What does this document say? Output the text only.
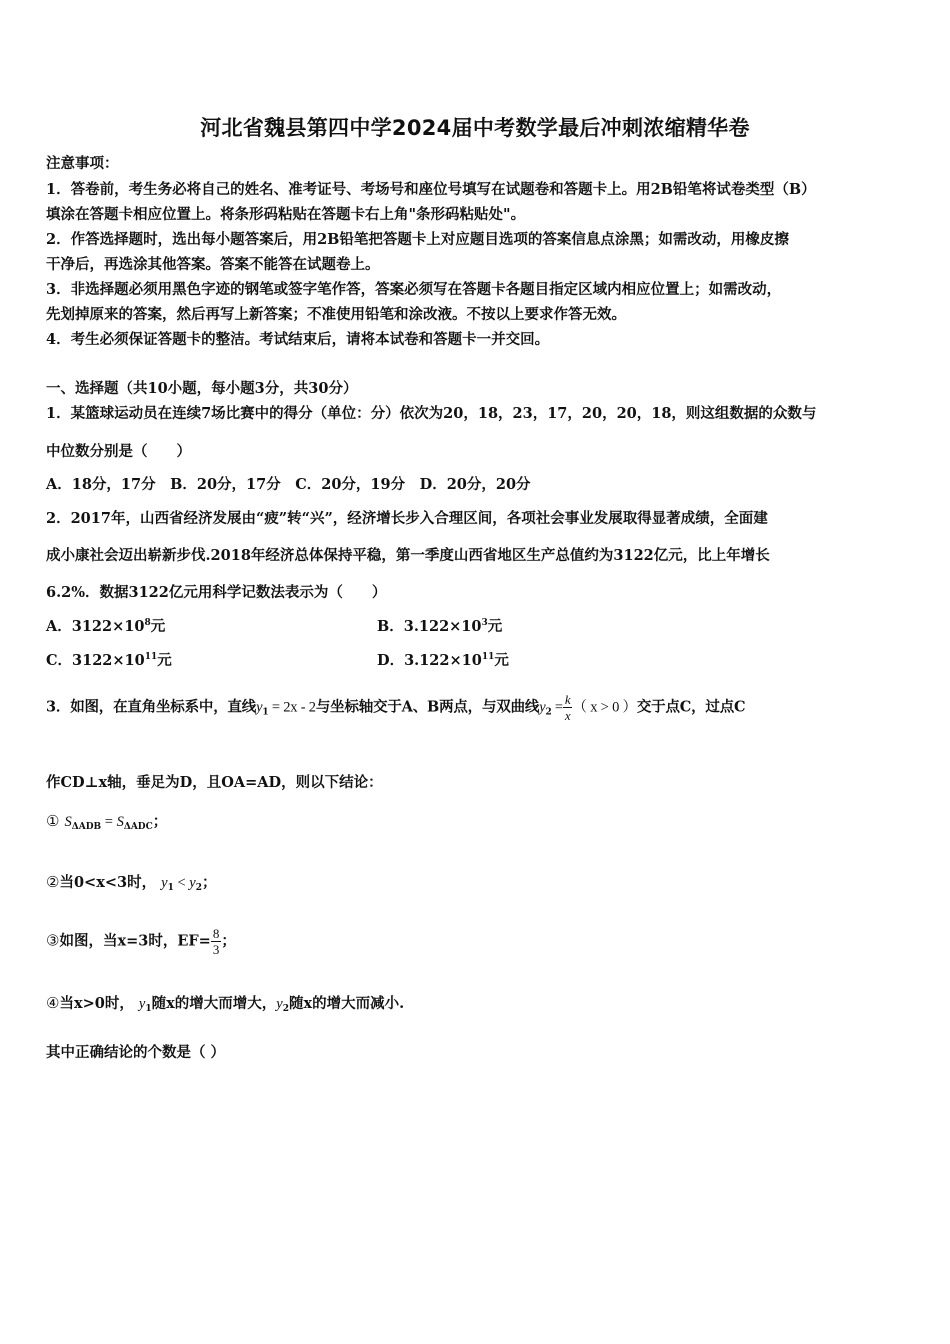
河北省魏县第四中学2024届中考数学最后冲刺浓缩精华卷
注意事项：
1．答卷前，考生务必将自己的姓名、准考证号、考场号和座位号填写在试题卷和答题卡上。用2B铅笔将试卷类型（B）
填涂在答题卡相应位置上。将条形码粘贴在答题卡右上角"条形码粘贴处"。
2．作答选择题时，选出每小题答案后，用2B铅笔把答题卡上对应题目选项的答案信息点涂黑；如需改动，用橡皮擦
干净后，再选涂其他答案。答案不能答在试题卷上。
3．非选择题必须用黑色字迹的钢笔或签字笔作答，答案必须写在答题卡各题目指定区域内相应位置上；如需改动，
先划掉原来的答案，然后再写上新答案；不准使用铅笔和涂改液。不按以上要求作答无效。
4．考生必须保证答题卡的整洁。考试结束后，请将本试卷和答题卡一并交回。
一、选择题（共10小题，每小题3分，共30分）
1．某篮球运动员在连续7场比赛中的得分（单位：分）依次为20，18，23，17，20，20，18，则这组数据的众数与
中位数分别是（　　）
A．18分，17分　B．20分，17分　C．20分，19分　D．20分，20分
2．2017年，山西省经济发展由“疲”转“兴”，经济增长步入合理区间，各项社会事业发展取得显著成绩，全面建
成小康社会迈出崭新步伐.2018年经济总体保持平稳，第一季度山西省地区生产总值约为3122亿元，比上年增长
6.2%．数据3122亿元用科学记数法表示为（　　）
A．$3122\times 10^8$元	B．$3.122\times 10^3$元
C．$3122\times 10^{11}$元	D．$3.122\times 10^{11}$元
3．如图，在直角坐标系中，直线$y_1 = 2x - 2$与坐标轴交于A、B两点，与双曲线$y_2 = \frac{k}{x}$ （ x > 0 ）交于点C，过点C
作CD⊥x轴，垂足为D，且OA=AD，则以下结论：
① $S_{\Delta ADB} = S_{\Delta ADC}$；
②当0<x<3时， $y_1 < y_2$；
③如图，当x=3时，$EF= \frac{8}{3}$ ；
④当x>0时， $y_1$随x的增大而增大，$y_2$随x的增大而减小.
其中正确结论的个数是（ ）
